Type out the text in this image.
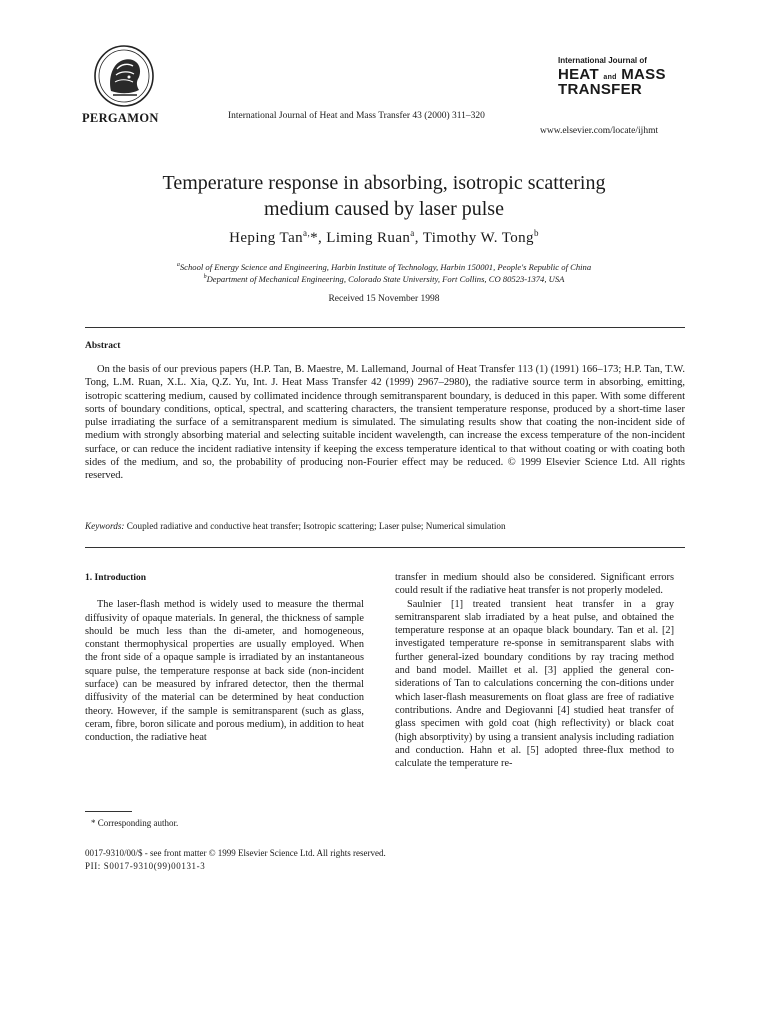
PERGAMON	International Journal of Heat and Mass Transfer 43 (2000) 311–320
International Journal of
HEAT and MASS
TRANSFER
www.elsevier.com/locate/ijhmt
Temperature response in absorbing, isotropic scattering
medium caused by laser pulse
Heping Tan$^{a,}$*, Liming Ruan$^a$, Timothy W. Tong$^b$
$^a$School of Energy Science and Engineering, Harbin Institute of Technology, Harbin 150001, People's Republic of China
$^b$Department of Mechanical Engineering, Colorado State University, Fort Collins, CO 80523-1374, USA
Received 15 November 1998
Abstract
On the basis of our previous papers (H.P. Tan, B. Maestre, M. Lallemand, Journal of Heat Transfer 113 (1) (1991) 166–173; H.P. Tan, T.W. Tong, L.M. Ruan, X.L. Xia, Q.Z. Yu, Int. J. Heat Mass Transfer 42 (1999) 2967–2980), the radiative source term in absorbing, emitting, isotropic scattering medium, caused by collimated incidence through semitransparent boundary, is deduced in this paper. With some different sorts of boundary conditions, optical, spectral, and scattering characters, the transient temperature response, produced by a short-time laser pulse irradiating the surface of a semitransparent medium is simulated. The simulating results show that coating the non-incident side of medium with strongly absorbing material and selecting suitable incident wavelength, can increase the excess temperature of the non-incident surface, or can reduce the incident radiative intensity if keeping the excess temperature identical to that without coating or with coating both sides of the medium, and so, the probability of producing non-Fourier effect may be reduced. © 1999 Elsevier Science Ltd. All rights reserved.
Keywords: Coupled radiative and conductive heat transfer; Isotropic scattering; Laser pulse; Numerical simulation

1. Introduction

The laser-flash method is widely used to measure the thermal diffusivity of opaque materials. In general, the thickness of sample should be much less than the di-ameter, and homogeneous, constant thermophysical properties are usually employed. When the front side of a opaque sample is irradiated by an instantaneous square pulse, the temperature response at back side (non-incident surface) can be measured by infrared detector, then the thermal diffusivity of the material can be determined by heat conduction theory. However, if the sample is semitransparent (such as glass, ceram, fibre, boron silicate and porous medium), in addition to heat conduction, the radiative heat

transfer in medium should also be considered. Significant errors could result if the radiative heat transfer is not properly modeled.

Saulnier [1] treated transient heat transfer in a gray semitransparent slab irradiated by a heat pulse, and obtained the temperature response at an opaque black boundary. Tan et al. [2] investigated temperature re-sponse in semitransparent slabs with further general-ized boundary conditions by ray tracing method and band model. Maillet et al. [3] applied the general con-siderations of Tan to calculations concerning the con-ditions under which laser-flash measurements on float glass are free of radiative contributions. Andre and Degiovanni [4] studied heat transfer of glass specimen with gold coat (high reflectivity) or black coat (high absorptivity) by using a transient analysis including radiation and conduction. Hahn et al. [5] adopted three-flux method to calculate the temperature re-

* Corresponding author.
0017-9310/00/$ - see front matter © 1999 Elsevier Science Ltd. All rights reserved.
PII: S0017-9310(99)00131-3
